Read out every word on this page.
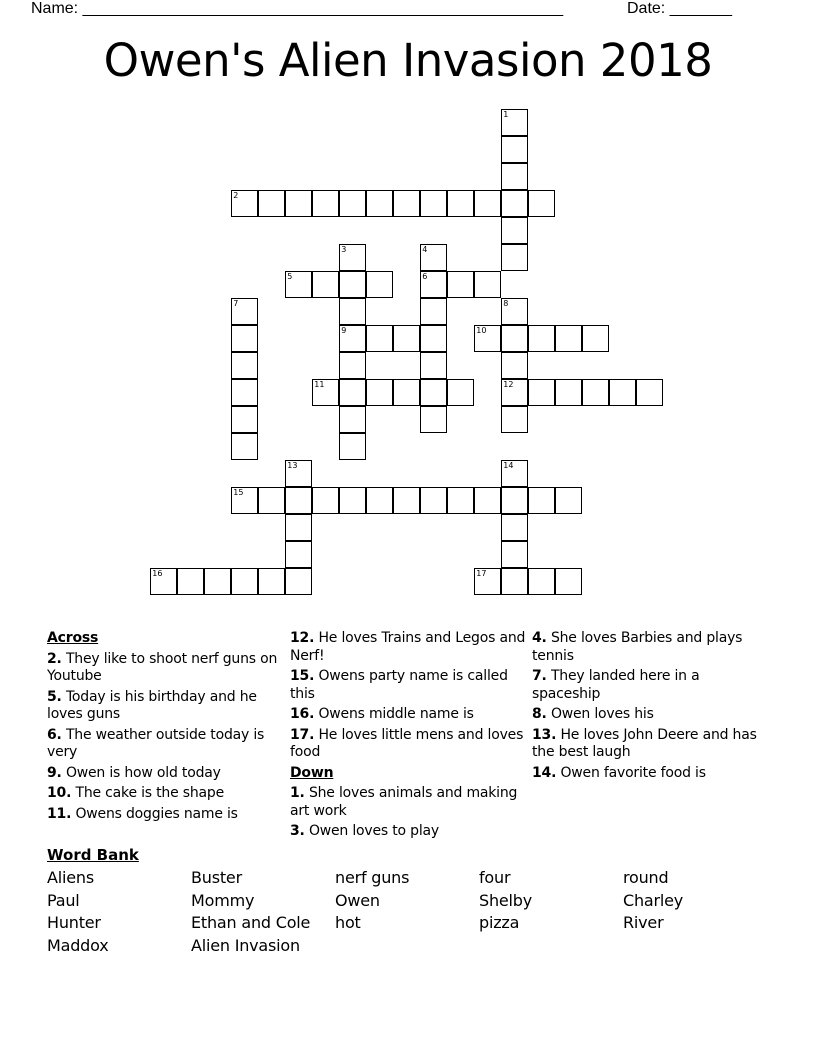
Name: ______________________________________________________	Date: _______
Owen's Alien Invasion 2018
1
2
3
9
4
6
5
7	8
12
10
11
13	14
15
16	17
Across
2. They like to shoot nerf guns on Youtube
5. Today is his birthday and he loves guns
6. The weather outside today is very
9. Owen is how old today
10. The cake is the shape
11. Owens doggies name is
12. He loves Trains and Legos and Nerf!
15. Owens party name is called this
16. Owens middle name is
17. He loves little mens and loves food
Down
1. She loves animals and making art work
3. Owen loves to play
4. She loves Barbies and plays tennis
7. They landed here in a spaceship
8. Owen loves his
13. He loves John Deere and has the best laugh
14. Owen favorite food is
Word Bank
Aliens	Buster	nerf guns	four	round
Paul	Mommy	Owen	Shelby	Charley
Hunter	Ethan and Cole	hot	pizza	River
Maddox	Alien Invasion
